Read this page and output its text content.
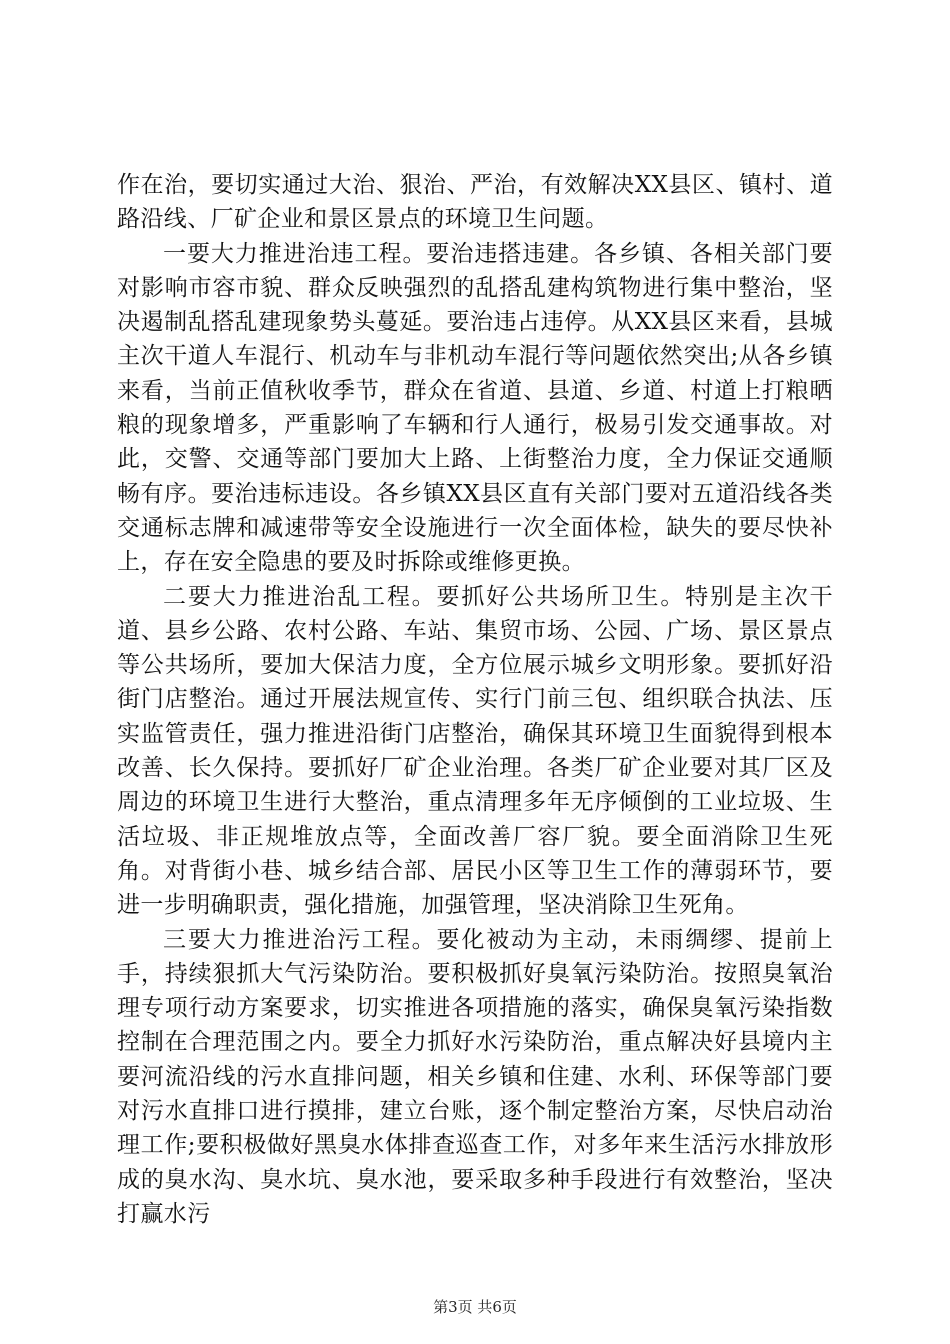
作在治，要切实通过大治、狠治、严治，有效解决XX县区、镇村、道路沿线、厂矿企业和景区景点的环境卫生问题。

一要大力推进治违工程。要治违搭违建。各乡镇、各相关部门要对影响市容市貌、群众反映强烈的乱搭乱建构筑物进行集中整治，坚决遏制乱搭乱建现象势头蔓延。要治违占违停。从XX县区来看，县城主次干道人车混行、机动车与非机动车混行等问题依然突出;从各乡镇来看，当前正值秋收季节，群众在省道、县道、乡道、村道上打粮晒粮的现象增多，严重影响了车辆和行人通行，极易引发交通事故。对此，交警、交通等部门要加大上路、上街整治力度，全力保证交通顺畅有序。要治违标违设。各乡镇XX县区直有关部门要对五道沿线各类交通标志牌和减速带等安全设施进行一次全面体检，缺失的要尽快补上，存在安全隐患的要及时拆除或维修更换。

二要大力推进治乱工程。要抓好公共场所卫生。特别是主次干道、县乡公路、农村公路、车站、集贸市场、公园、广场、景区景点等公共场所，要加大保洁力度，全方位展示城乡文明形象。要抓好沿街门店整治。通过开展法规宣传、实行门前三包、组织联合执法、压实监管责任，强力推进沿街门店整治，确保其环境卫生面貌得到根本改善、长久保持。要抓好厂矿企业治理。各类厂矿企业要对其厂区及周边的环境卫生进行大整治，重点清理多年无序倾倒的工业垃圾、生活垃圾、非正规堆放点等，全面改善厂容厂貌。要全面消除卫生死角。对背街小巷、城乡结合部、居民小区等卫生工作的薄弱环节，要进一步明确职责，强化措施，加强管理，坚决消除卫生死角。

三要大力推进治污工程。要化被动为主动，未雨绸缪、提前上手，持续狠抓大气污染防治。要积极抓好臭氧污染防治。按照臭氧治理专项行动方案要求，切实推进各项措施的落实，确保臭氧污染指数控制在合理范围之内。要全力抓好水污染防治，重点解决好县境内主要河流沿线的污水直排问题，相关乡镇和住建、水利、环保等部门要对污水直排口进行摸排，建立台账，逐个制定整治方案，尽快启动治理工作;要积极做好黑臭水体排查巡查工作，对多年来生活污水排放形成的臭水沟、臭水坑、臭水池，要采取多种手段进行有效整治，坚决打赢水污

第3页 共6页
